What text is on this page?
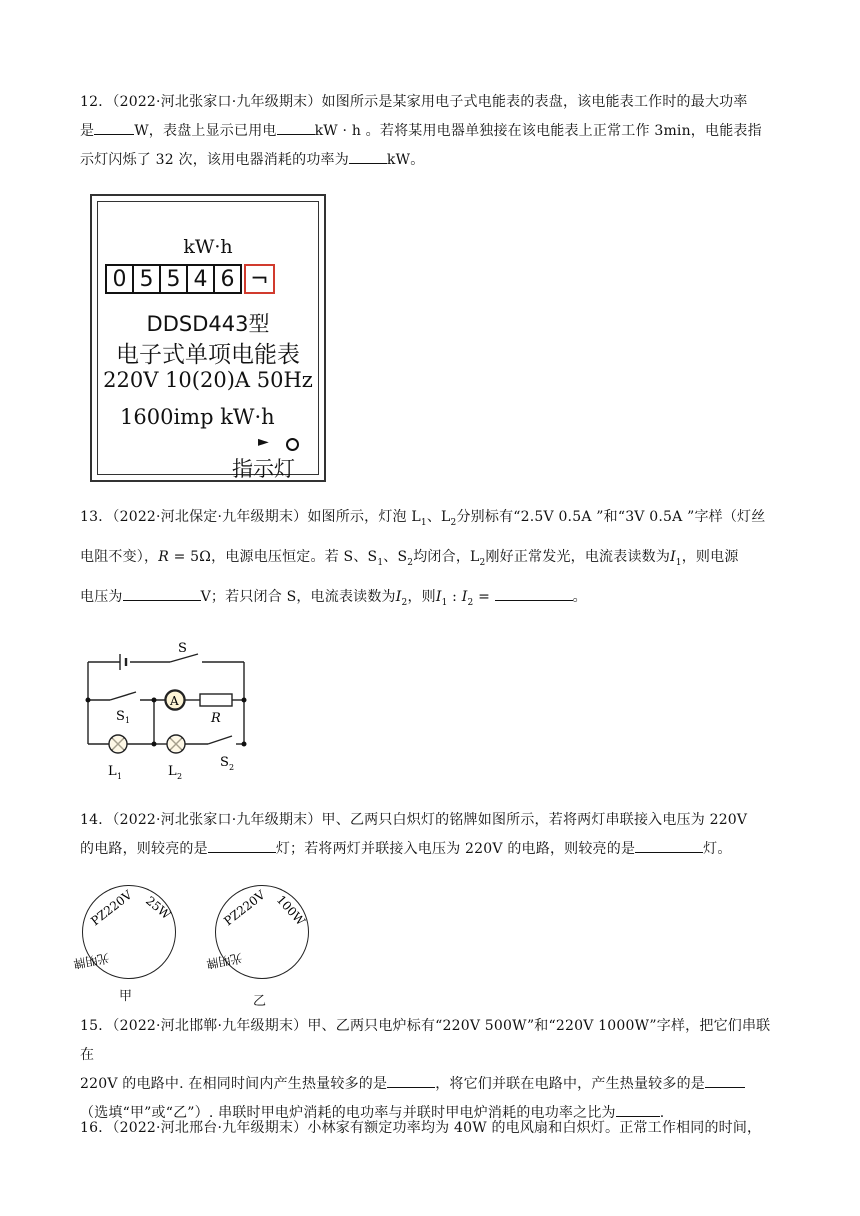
12．（2022·河北张家口·九年级期末）如图所示是某家用电子式电能表的表盘，该电能表工作时的最大功率
是	W，表盘上显示已用电	kW · h 。若将某用电器单独接在该电能表上正常工作 3min，电能表指
示灯闪烁了 32 次，该用电器消耗的功率为	kW。
kW·h
0 5 5 4 6 ¬
DDSD443型
电子式单项电能表
220V 10(20)A 50Hz
1600imp kW·h
►
指示灯
13．（2022·河北保定·九年级期末）如图所示，灯泡 $L_1$、$L_2$分别标有“2.5V 0.5A ”和“3V 0.5A ”字样（灯丝
电阻不变），R = 5Ω，电源电压恒定。若 S、$S_1$、$S_2$均闭合，$L_2$刚好正常发光，电流表读数为$I_1$，则电源
电压为	V；若只闭合 S，电流表读数为$I_2$，则$I_1$ : $I_2$ =	。
S
A
R
S 1
L 1	L 2
S 2
14．（2022·河北张家口·九年级期末）甲、乙两只白炽灯的铭牌如图所示，若将两灯串联接入电压为 220V
的电路，则较亮的是	灯；若将两灯并联接入电压为 220V 的电路，则较亮的是	灯。
PZ220V 25W
光明牌
甲
PZ220V 100W
光明牌
乙
15．（2022·河北邯郸·九年级期末）甲、乙两只电炉标有“220V 500W”和“220V 1000W”字样，把它们串联在
220V 的电路中. 在相同时间内产生热量较多的是	，将它们并联在电路中，产生热量较多的是
（选填“甲”或“乙”）. 串联时甲电炉消耗的电功率与并联时甲电炉消耗的电功率之比为	.
16．（2022·河北邢台·九年级期末）小林家有额定功率均为 40W 的电风扇和白炽灯。正常工作相同的时间，
